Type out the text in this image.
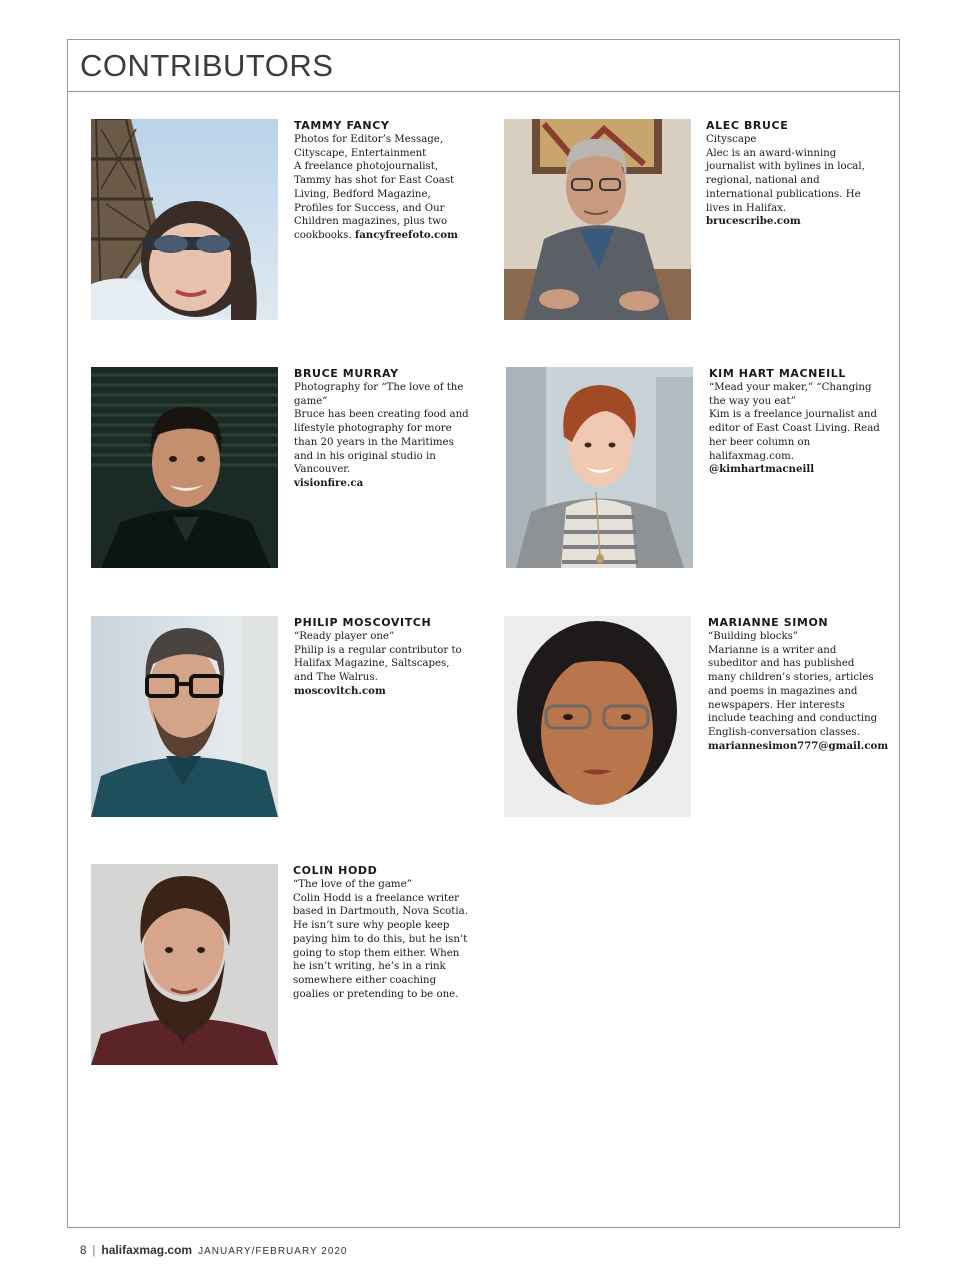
CONTRIBUTORS

TAMMY FANCY

Photos for Editor’s Message, Cityscape, Entertainment

A freelance photojournalist, Tammy has shot for East Coast Living, Bedford Magazine, Profiles for Success, and Our Children magazines, plus two cookbooks. fancyfreefoto.com

ALEC BRUCE

Cityscape

Alec is an award-winning journalist with bylines in local, regional, national and international publications. He lives in Halifax.

brucescribe.com

BRUCE MURRAY

Photography for “The love of the game”

Bruce has been creating food and lifestyle photography for more than 20 years in the Maritimes and in his original studio in Vancouver.

visionfire.ca

KIM HART MACNEILL

“Mead your maker,” “Changing the way you eat”

Kim is a freelance journalist and editor of East Coast Living. Read her beer column on halifaxmag.com.

@kimhartmacneill

PHILIP MOSCOVITCH

“Ready player one”

Philip is a regular contributor to Halifax Magazine, Saltscapes, and The Walrus.

moscovitch.com

MARIANNE SIMON

“Building blocks”

Marianne is a writer and subeditor and has published many children’s stories, articles and poems in magazines and newspapers. Her interests include teaching and conducting English-conversation classes.

mariannesimon777@gmail.com

COLIN HODD

“The love of the game”

Colin Hodd is a freelance writer based in Dartmouth, Nova Scotia. He isn’t sure why people keep paying him to do this, but he isn’t going to stop them either. When he isn’t writing, he’s in a rink somewhere either coaching goalies or pretending to be one.

8 | halifaxmag.com JANUARY/FEBRUARY 2020
